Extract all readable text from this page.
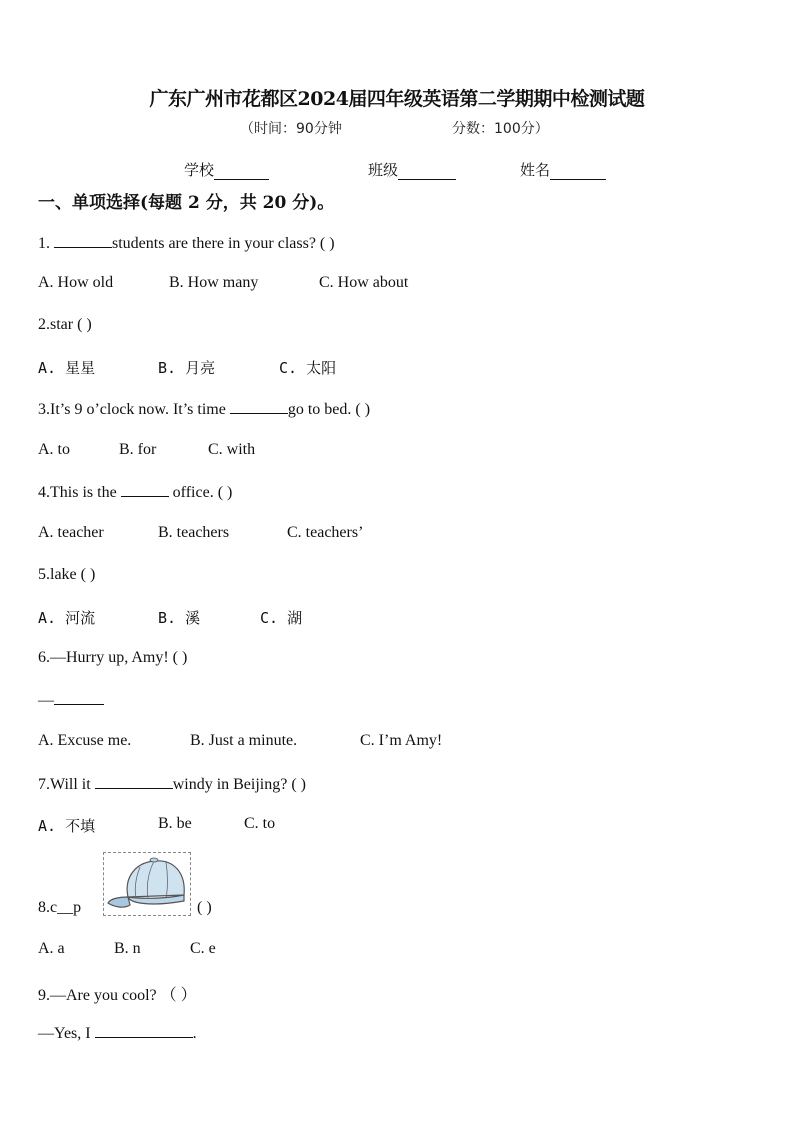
广东广州市花都区2024届四年级英语第二学期期中检测试题
（时间：90分钟	分数：100分）
学校	班级	姓名
一、单项选择(每题 2 分，共 20 分)。
1.	students are there in your class? ( )
A. How old	B. How many	C. How about
2.star ( )
A. 星星	B. 月亮	C. 太阳
3.It’s 9 o’clock now. It’s time	go to bed. ( )
A. to	B. for	C. with
4.This is the	office. ( )
A. teacher	B. teachers	C. teachers’
5.lake ( )
A. 河流	B. 溪	C. 湖
6.—Hurry up, Amy! ( )
—
A. Excuse me.	B. Just a minute.	C. I’m Amy!
7.Will it	windy in Beijing? ( )
A. 不填	B. be	C. to
8.c__p	( )
A. a	B. n	C. e
9.—Are you cool? （ ）
—Yes, I	.
